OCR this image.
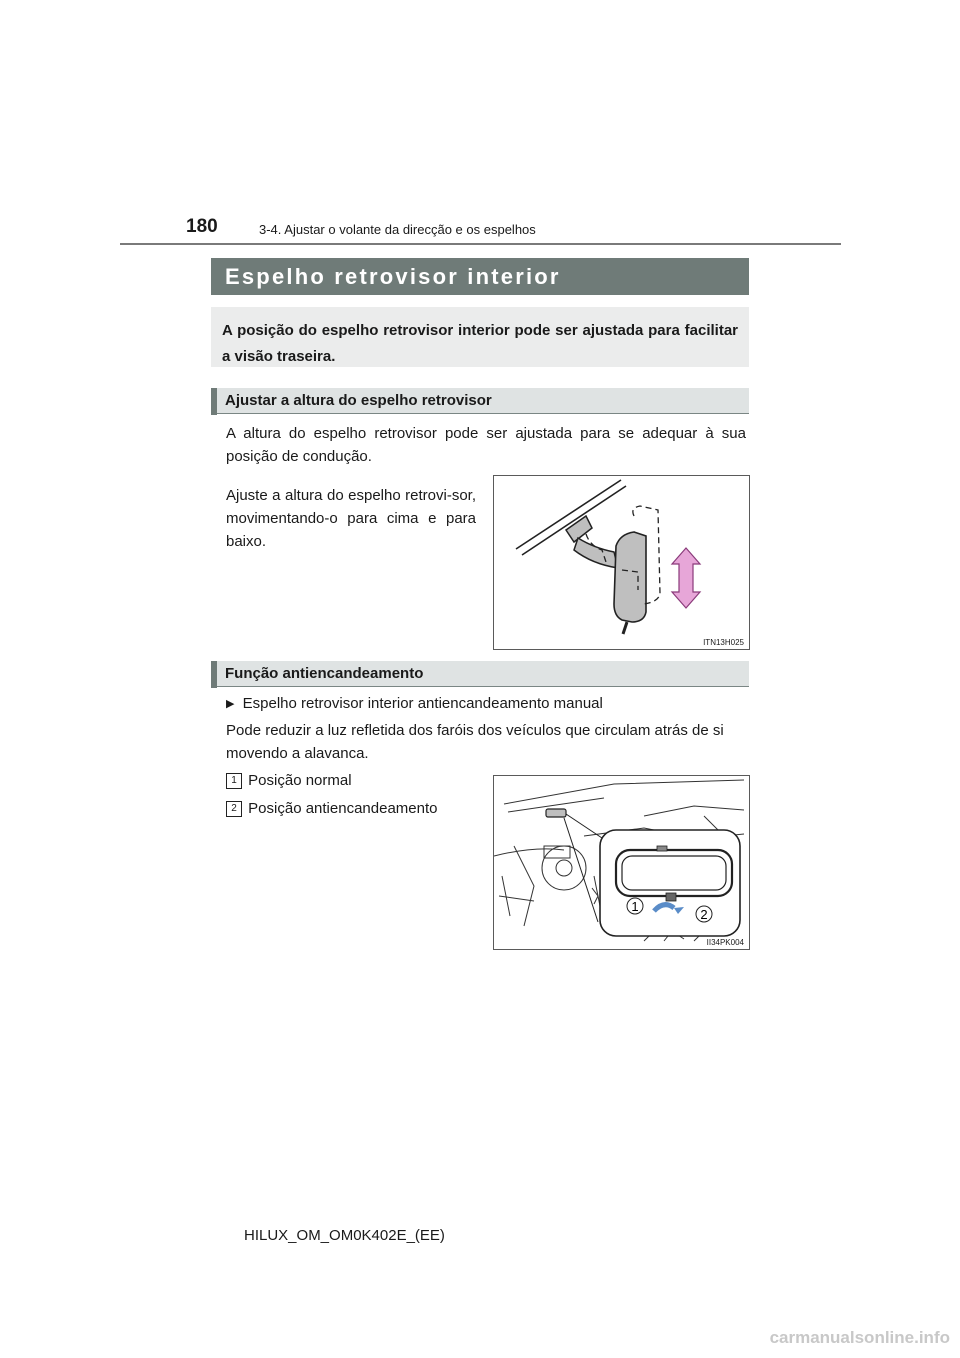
180	3-4. Ajustar o volante da direcção e os espelhos
Espelho retrovisor interior

A posição do espelho retrovisor interior pode ser ajustada para facilitar a visão traseira.

Ajustar a altura do espelho retrovisor

A altura do espelho retrovisor pode ser ajustada para se adequar à sua posição de condução.

Ajuste a altura do espelho retrovi-sor, movimentando-o para cima e para baixo.

ITN13H025
Função antiencandeamento
▶ Espelho retrovisor interior antiencandeamento manual

Pode reduzir a luz refletida dos faróis dos veículos que circulam atrás de si movendo a alavanca.

1 Posição normal
2 Posição antiencandeamento
1
2
II34PK004
HILUX_OM_OM0K402E_(EE)
carmanualsonline.info
